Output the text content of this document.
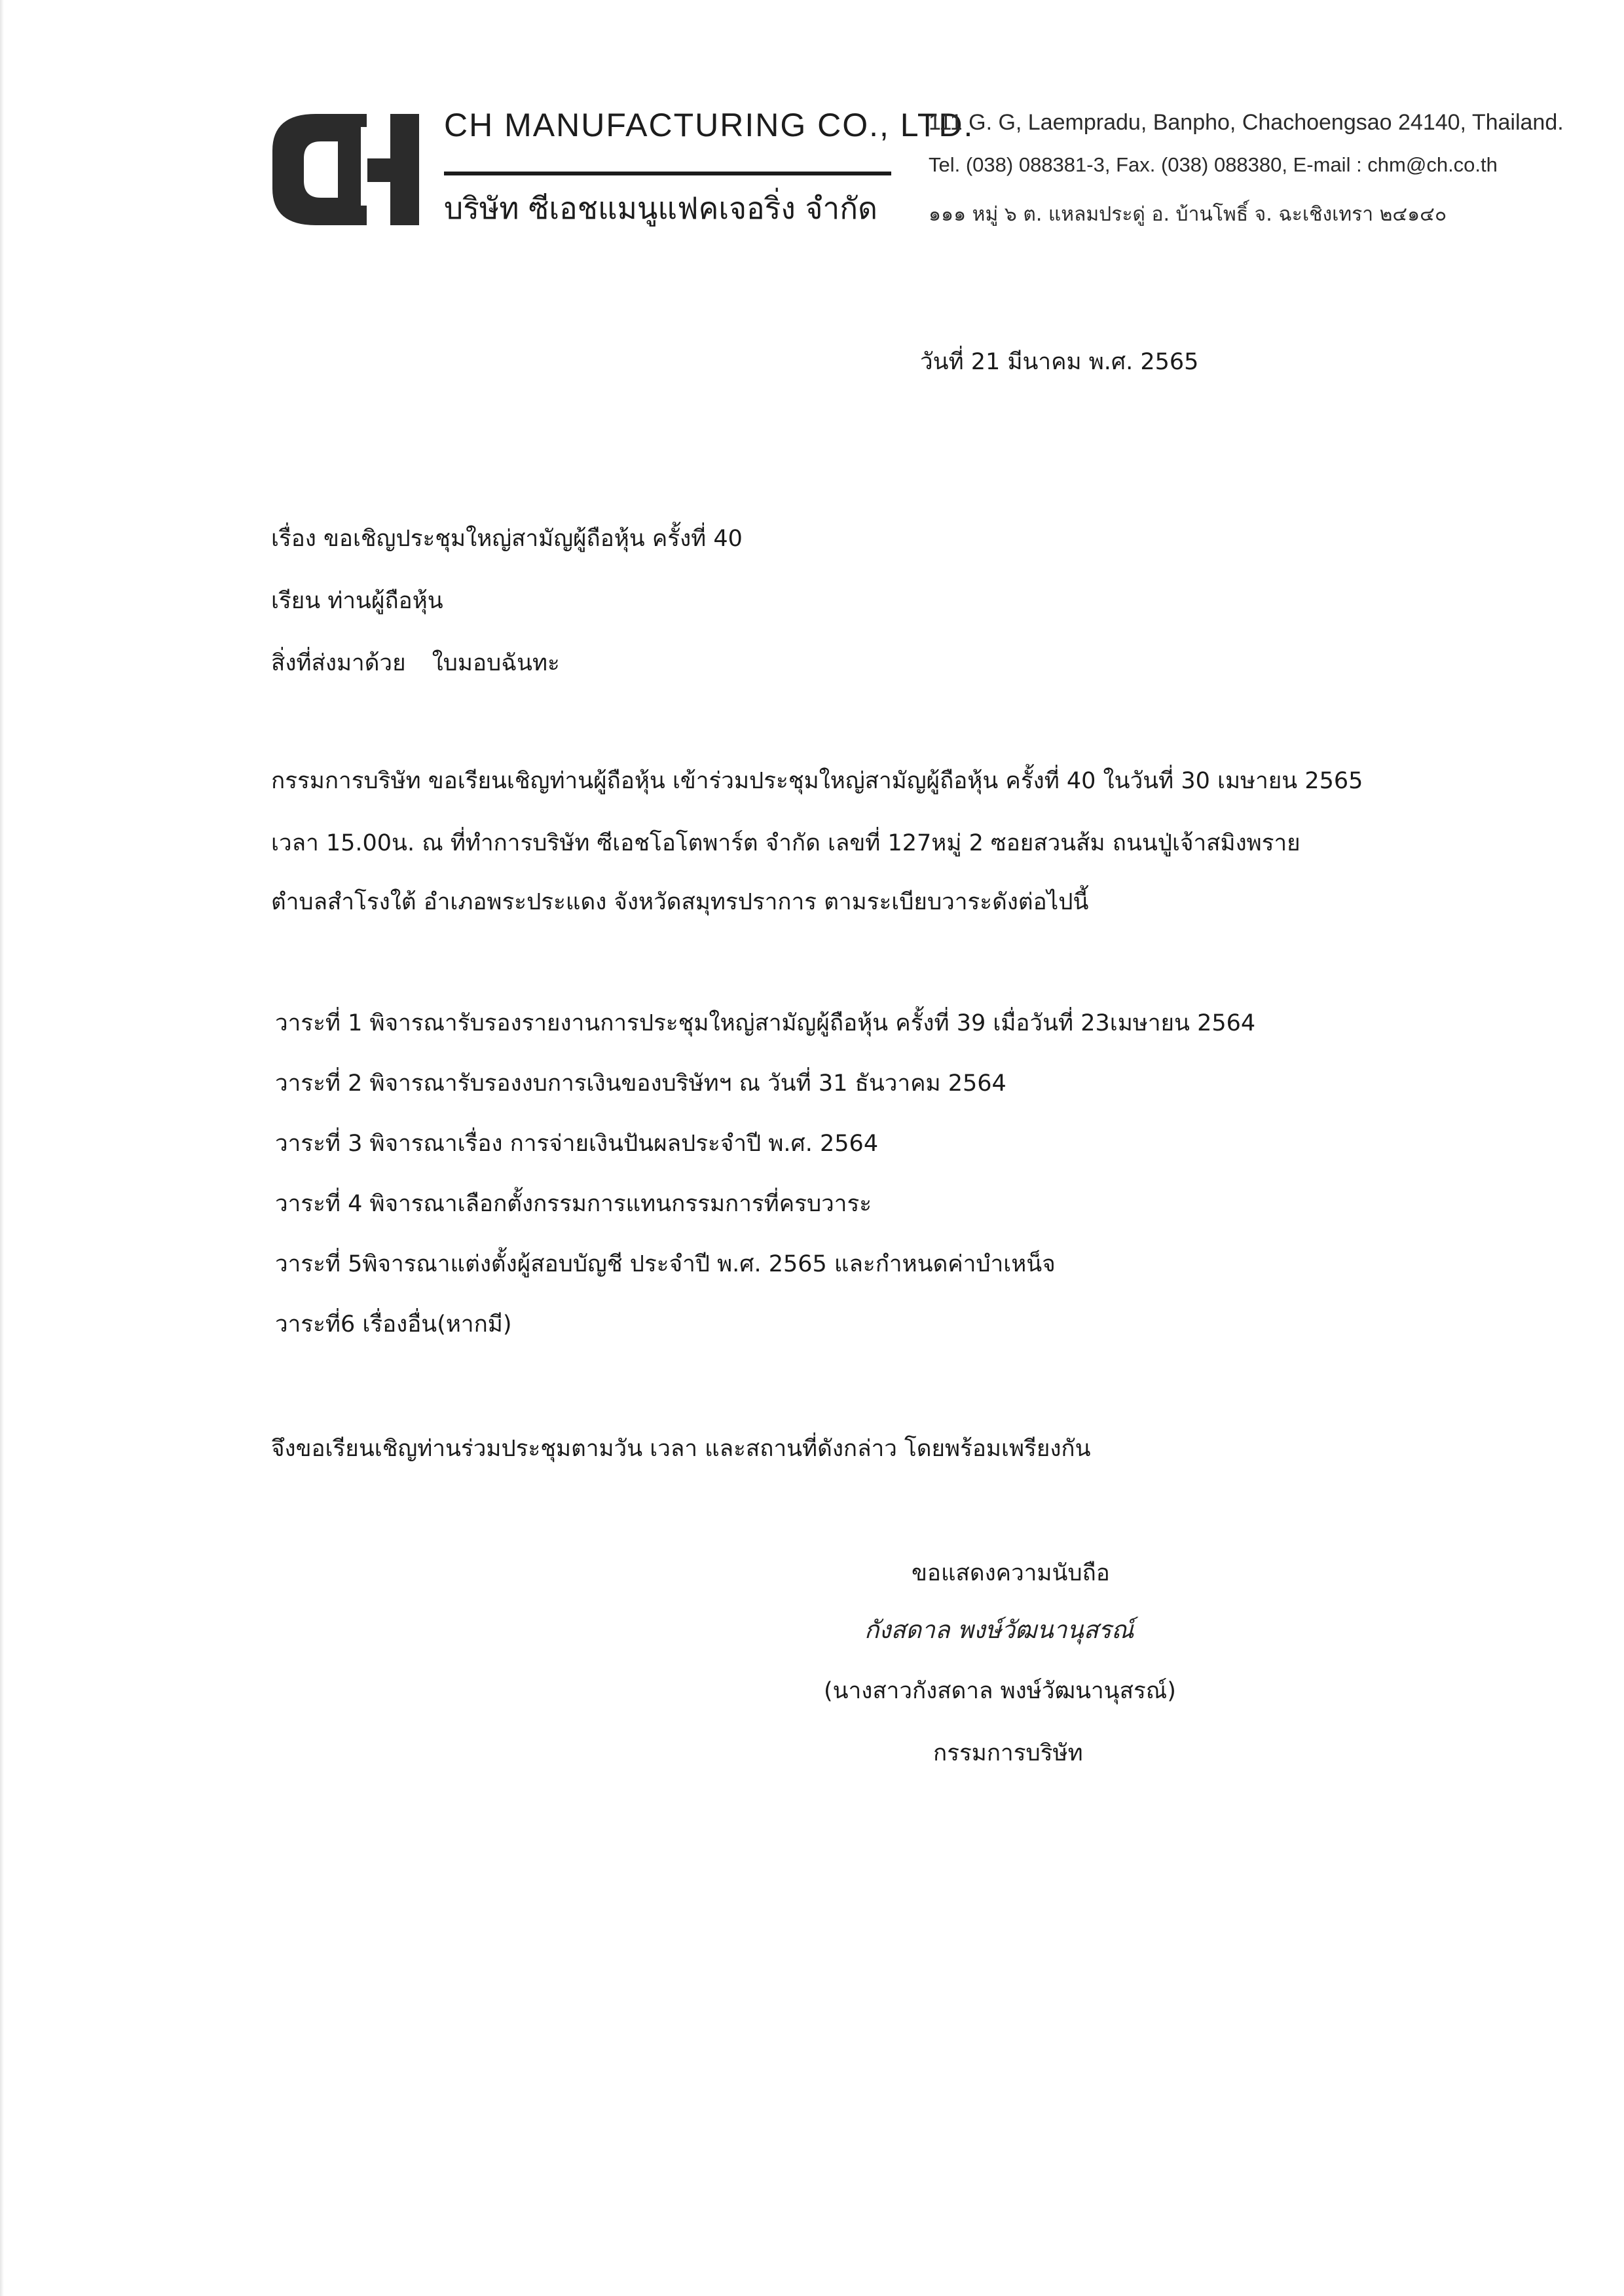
CH MANUFACTURING CO., LTD.
บริษัท ซีเอชแมนูแฟคเจอริ่ง จำกัด
111 G. G, Laempradu, Banpho, Chachoengsao 24140, Thailand.
Tel. (038) 088381-3, Fax. (038) 088380, E-mail : chm@ch.co.th
๑๑๑ หมู่ ๖ ต. แหลมประดู่ อ. บ้านโพธิ์ จ. ฉะเชิงเทรา ๒๔๑๔๐
วันที่ 21 มีนาคม พ.ศ. 2565
เรื่อง ขอเชิญประชุมใหญ่สามัญผู้ถือหุ้น ครั้งที่ 40
เรียน ท่านผู้ถือหุ้น
สิ่งที่ส่งมาด้วย ใบมอบฉันทะ
กรรมการบริษัท ขอเรียนเชิญท่านผู้ถือหุ้น เข้าร่วมประชุมใหญ่สามัญผู้ถือหุ้น ครั้งที่ 40 ในวันที่ 30 เมษายน 2565
เวลา 15.00น. ณ ที่ทำการบริษัท ซีเอชโอโตพาร์ต จำกัด เลขที่ 127หมู่ 2 ซอยสวนส้ม ถนนปู่เจ้าสมิงพราย
ตำบลสำโรงใต้ อำเภอพระประแดง จังหวัดสมุทรปราการ ตามระเบียบวาระดังต่อไปนี้
วาระที่ 1 พิจารณารับรองรายงานการประชุมใหญ่สามัญผู้ถือหุ้น ครั้งที่ 39 เมื่อวันที่ 23เมษายน 2564
วาระที่ 2 พิจารณารับรองงบการเงินของบริษัทฯ ณ วันที่ 31 ธันวาคม 2564
วาระที่ 3 พิจารณาเรื่อง การจ่ายเงินปันผลประจำปี พ.ศ. 2564
วาระที่ 4 พิจารณาเลือกตั้งกรรมการแทนกรรมการที่ครบวาระ
วาระที่ 5พิจารณาแต่งตั้งผู้สอบบัญชี ประจำปี พ.ศ. 2565 และกำหนดค่าบำเหน็จ
วาระที่6 เรื่องอื่น(หากมี)
จึงขอเรียนเชิญท่านร่วมประชุมตามวัน เวลา และสถานที่ดังกล่าว โดยพร้อมเพรียงกัน
ขอแสดงความนับถือ
กังสดาล พงษ์วัฒนานุสรณ์
(นางสาวกังสดาล พงษ์วัฒนานุสรณ์)
กรรมการบริษัท
